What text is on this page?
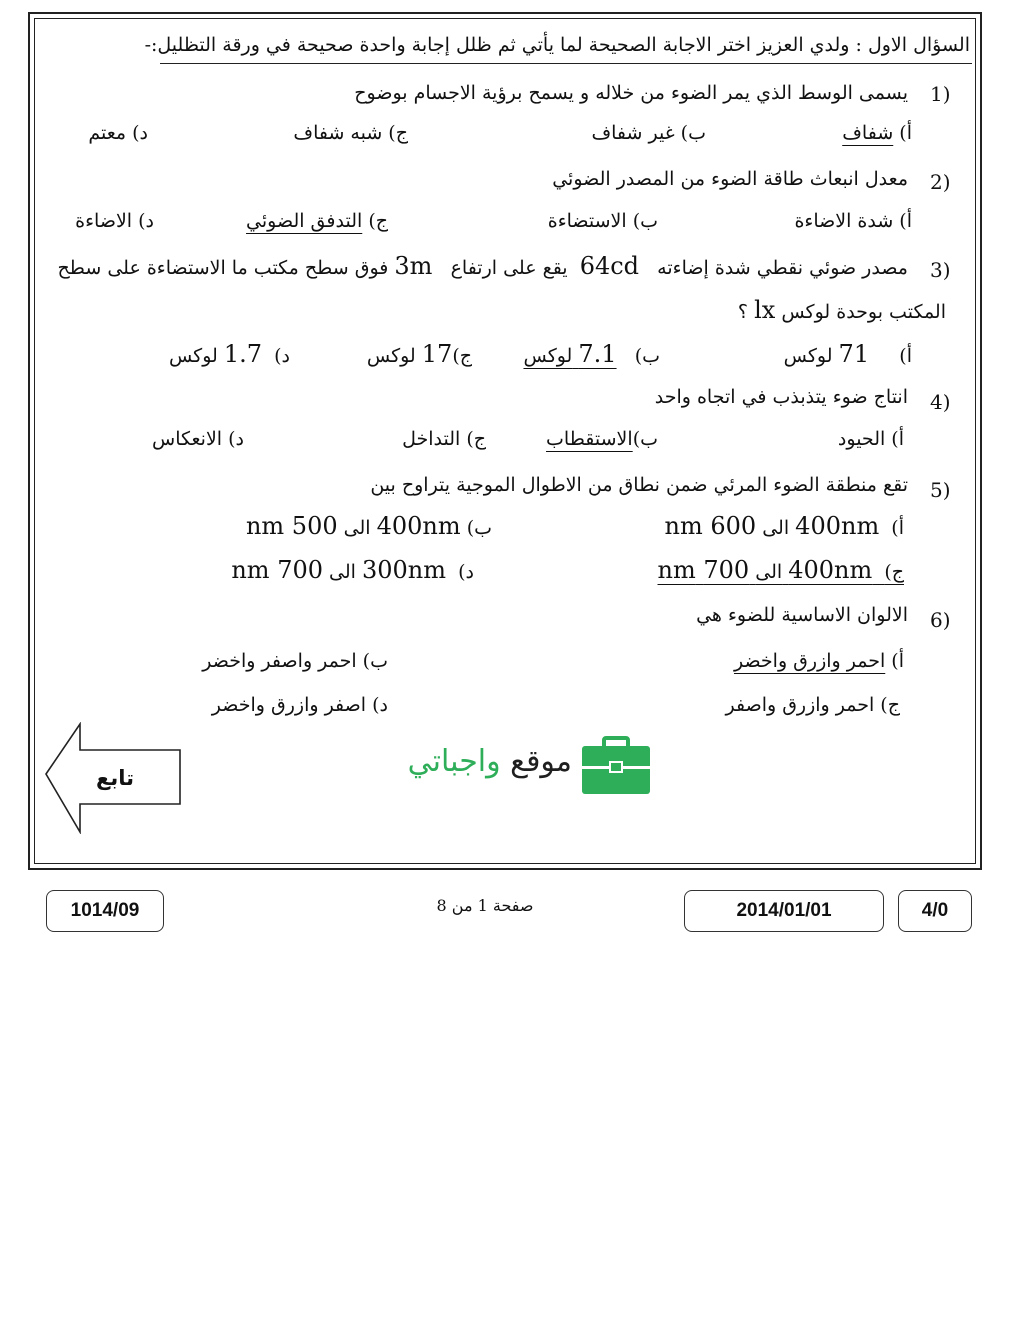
السؤال الاول : ولدي العزيز اختر الاجابة الصحيحة لما يأتي ثم ظلل إجابة واحدة صحيحة في ورقة التظليل:-
1)
يسمى الوسط الذي يمر الضوء من خلاله و يسمح برؤية الاجسام بوضوح
أ) شفاف
ب) غير شفاف
ج) شبه شفاف
د) معتم
2)
معدل انبعاث طاقة الضوء من المصدر الضوئي
أ) شدة الاضاءة
ب) الاستضاءة
ج) التدفق الضوئي
د) الاضاءة
3)
مصدر ضوئي نقطي شدة إضاءته   64cd  يقع على ارتفاع   3m فوق سطح مكتب ما الاستضاءة على سطح
المكتب بوحدة لوكس lx ؟
أ)     71 لوكس
ب)   7.1 لوكس
ج)17 لوكس
د)  1.7 لوكس
4)
انتاج ضوء يتذبذب في اتجاه واحد
أ) الحيود
ب)الاستقطاب
ج) التداخل
د) الانعكاس
5)
تقع منطقة الضوء المرئي ضمن نطاق من الاطوال الموجية يتراوح بين
أ)  400nm الى 600 nm
ب) 400nm الى 500 nm
ج)  400nm الى 700 nm
د)  300nm الى 700 nm
6)
الالوان الاساسية للضوء هي
أ) احمر وازرق واخضر
ب) احمر واصفر واخضر
ج) احمر وازرق واصفر
د) اصفر وازرق واخضر
تابع	موقع واجباتي
1014/09	صفحة 1 من 8	2014/01/01	4/0
